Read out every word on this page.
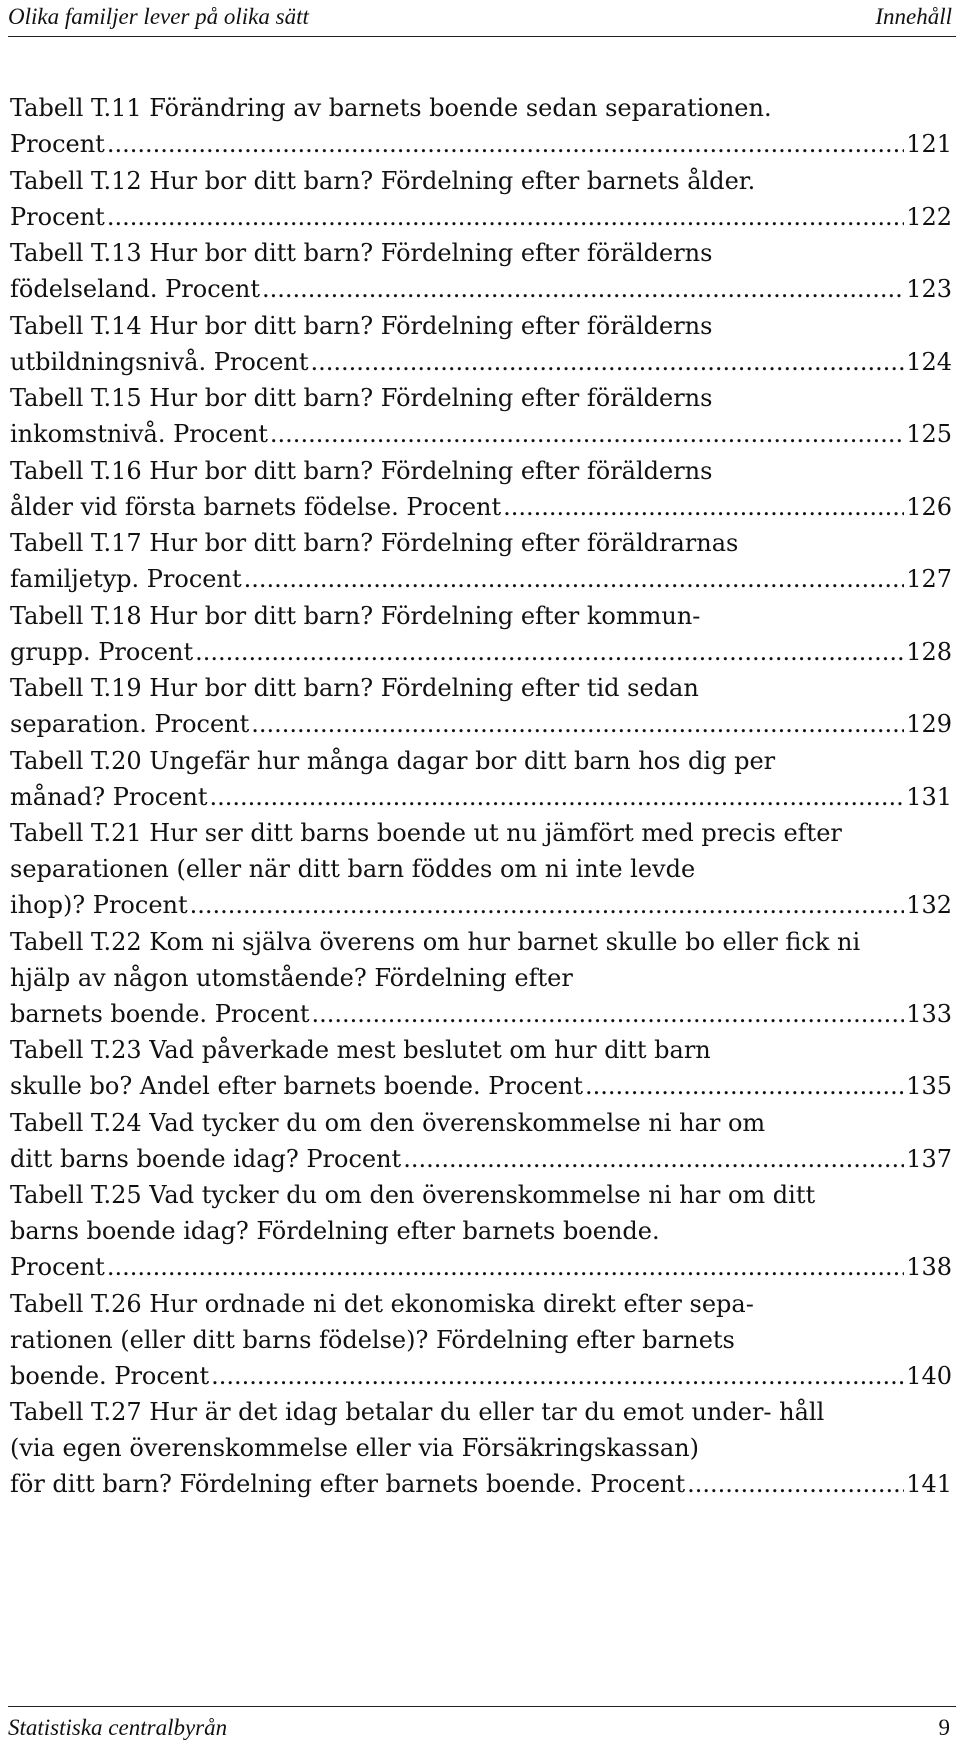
Olika familjer lever på olika sätt	Innehåll
Tabell T.11 Förändring av barnets boende sedan separationen.
Procent .....	121
Tabell T.12 Hur bor ditt barn? Fördelning efter barnets ålder.
Procent .....	122
Tabell T.13 Hur bor ditt barn? Fördelning efter förälderns
födelseland. Procent .....	123
Tabell T.14 Hur bor ditt barn? Fördelning efter förälderns
utbildningsnivå. Procent .....	124
Tabell T.15 Hur bor ditt barn? Fördelning efter förälderns
inkomstnivå. Procent .....	125
Tabell T.16 Hur bor ditt barn? Fördelning efter förälderns
ålder vid första barnets födelse. Procent .....	126
Tabell T.17 Hur bor ditt barn? Fördelning efter föräldrarnas
familjetyp. Procent .....	127
Tabell T.18 Hur bor ditt barn? Fördelning efter kommun-
grupp. Procent .....	128
Tabell T.19 Hur bor ditt barn? Fördelning efter tid sedan
separation. Procent .....	129
Tabell T.20 Ungefär hur många dagar bor ditt barn hos dig per
månad? Procent .....	131
Tabell T.21 Hur ser ditt barns boende ut nu jämfört med precis efter separationen (eller när ditt barn föddes om ni inte levde
ihop)? Procent .....	132
Tabell T.22 Kom ni själva överens om hur barnet skulle bo eller fick ni hjälp av någon utomstående? Fördelning efter
barnets boende. Procent .....	133
Tabell T.23 Vad påverkade mest beslutet om hur ditt barn
skulle bo? Andel efter barnets boende. Procent .....	135
Tabell T.24 Vad tycker du om den överenskommelse ni har om
ditt barns boende idag? Procent .....	137
Tabell T.25 Vad tycker du om den överenskommelse ni har om ditt barns boende idag? Fördelning efter barnets boende.
Procent .....	138
Tabell T.26 Hur ordnade ni det ekonomiska direkt efter sepa- rationen (eller ditt barns födelse)? Fördelning efter barnets
boende. Procent .....	140
Tabell T.27 Hur är det idag betalar du eller tar du emot under- håll (via egen överenskommelse eller via Försäkringskassan)
för ditt barn? Fördelning efter barnets boende. Procent .....	141
Statistiska centralbyrån	9
